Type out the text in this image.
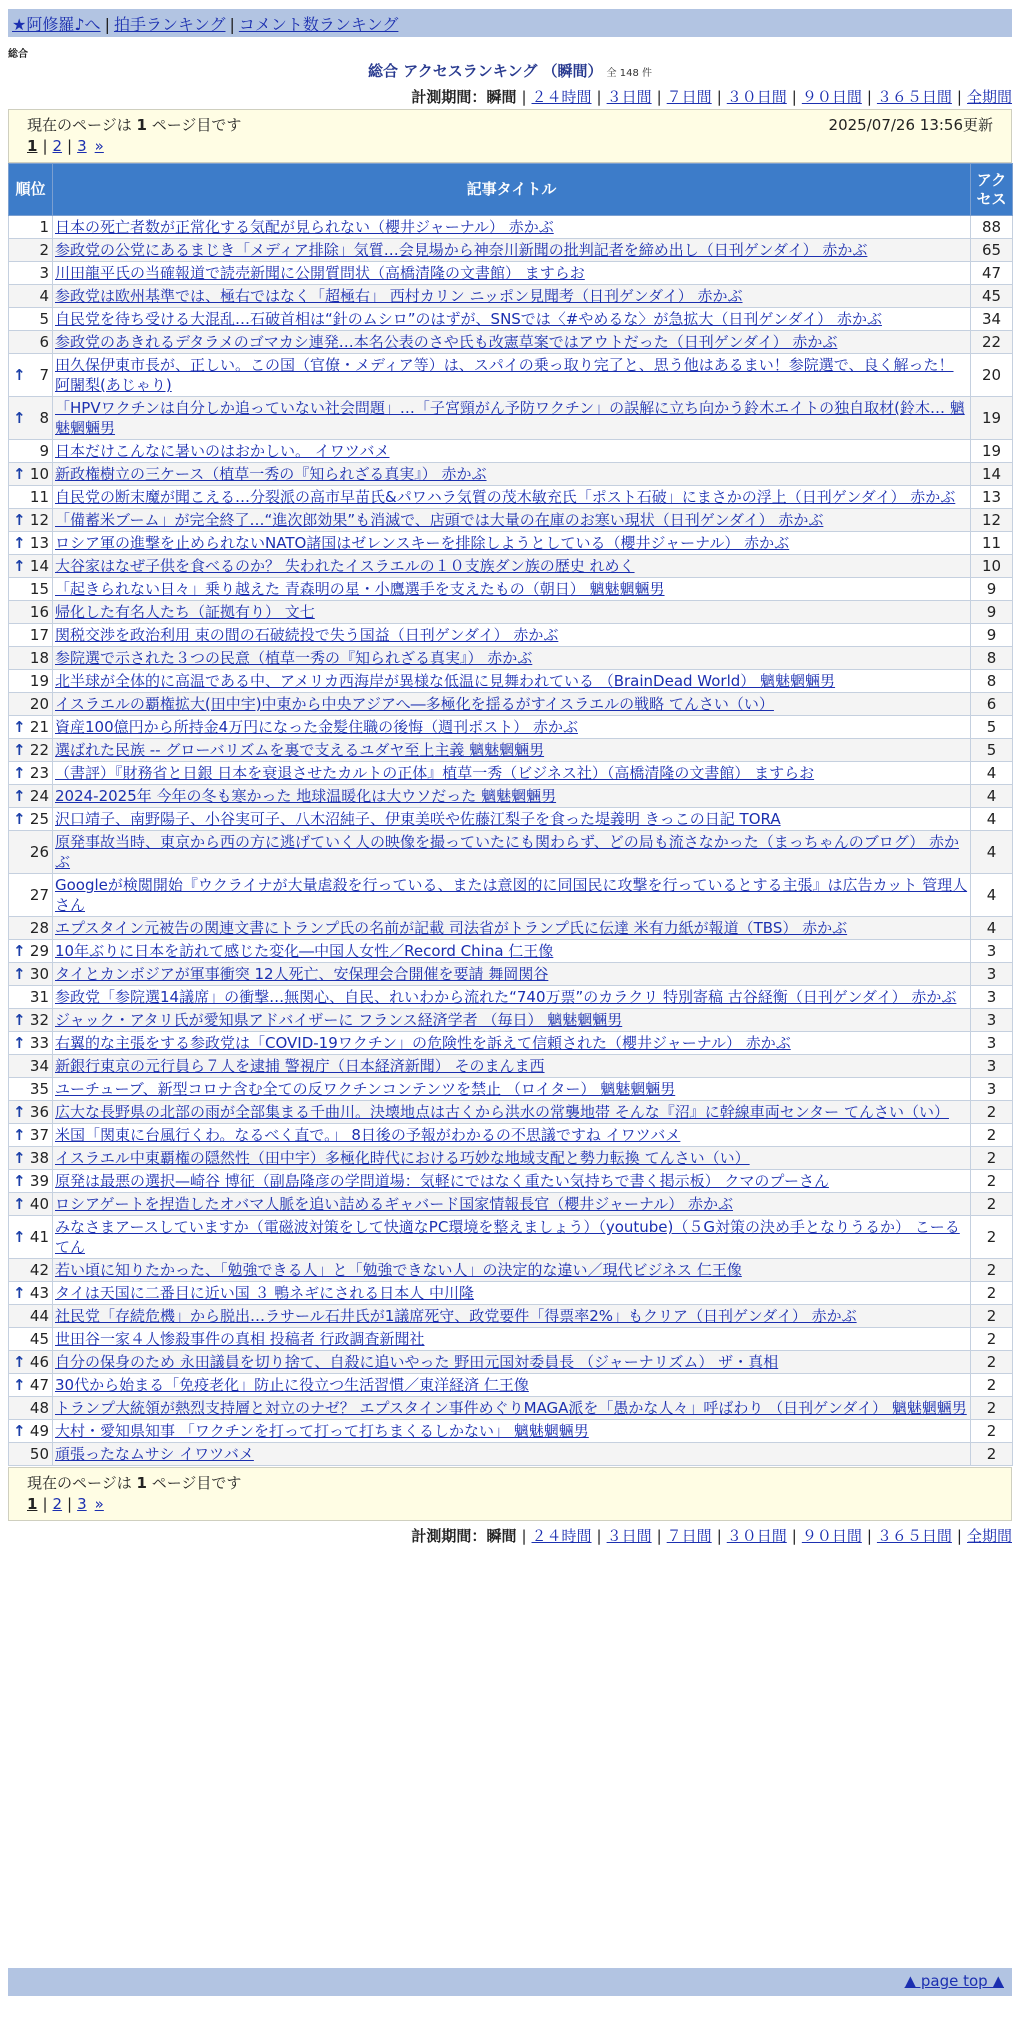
★阿修羅♪へ | 拍手ランキング | コメント数ランキング
総合
総合 アクセスランキング （瞬間） 全 148 件
計測期間：瞬間 | ２４時間 | ３日間 | ７日間 | ３０日間 | ９０日間 | ３６５日間 | 全期間
現在のページは 1 ページ目です	2025/07/26 13:56更新
1 | 2 | 3 »
順位	記事タイトル	アクセス
1	日本の死亡者数が正常化する気配が見られない（櫻井ジャーナル） 赤かぶ	88
2	参政党の公党にあるまじき「メディア排除」気質…会見場から神奈川新聞の批判記者を締め出し（日刊ゲンダイ） 赤かぶ	65
3	川田龍平氏の当確報道で読売新聞に公開質問状（高橋清隆の文書館） ますらお	47
4	参政党は欧州基準では、極右ではなく「超極右」 西村カリン ニッポン見聞考（日刊ゲンダイ） 赤かぶ	45
5	自民党を待ち受ける大混乱…石破首相は“針のムシロ”のはずが、SNSでは〈#やめるな〉が急拡大（日刊ゲンダイ） 赤かぶ	34
6	参政党のあきれるデタラメのゴマカシ連発…本名公表のさや氏も改憲草案ではアウトだった（日刊ゲンダイ） 赤かぶ	22

↑ 7	田久保伊東市長が、正しい。この国（官僚・メディア等）は、スパイの乗っ取り完了と、思う他はあるまい！参院選で、良く解った！ 阿闍梨(あじゃり)	20

↑ 8	「HPVワクチンは自分しか追っていない社会問題」…「子宮頸がん予防ワクチン」の誤解に立ち向かう鈴木エイトの独自取材(鈴木… 魑魅魍魎男	19
9	日本だけこんなに暑いのはおかしい。 イワツバメ	19

↑ 10	新政権樹立の三ケース（植草一秀の『知られざる真実』） 赤かぶ	14
11	自民党の断末魔が聞こえる…分裂派の高市早苗氏&パワハラ気質の茂木敏充氏「ポスト石破」にまさかの浮上（日刊ゲンダイ） 赤かぶ	13

↑ 12	「備蓄米ブーム」が完全終了…“進次郎効果”も消滅で、店頭では大量の在庫のお寒い現状（日刊ゲンダイ） 赤かぶ	12

↑ 13	ロシア軍の進撃を止められないNATO諸国はゼレンスキーを排除しようとしている（櫻井ジャーナル） 赤かぶ	11

↑ 14	大谷家はなぜ子供を食べるのか？ 失われたイスラエルの１０支族ダン族の歴史 れめく	10
15	「起きられない日々」乗り越えた 青森明の星・小鷹選手を支えたもの（朝日） 魑魅魍魎男	9
16	帰化した有名人たち（証拠有り） 文七	9
17	関税交渉を政治利用 束の間の石破続投で失う国益（日刊ゲンダイ） 赤かぶ	9
18	参院選で示された３つの民意（植草一秀の『知られざる真実』） 赤かぶ	8
19	北半球が全体的に高温である中、アメリカ西海岸が異様な低温に見舞われている （BrainDead World） 魑魅魍魎男	8
20	イスラエルの覇権拡大(田中宇)中東から中央アジアへ―多極化を揺るがすイスラエルの戦略 てんさい（い）	6

↑ 21	資産100億円から所持金4万円になった金髪住職の後悔（週刊ポスト） 赤かぶ	5

↑ 22	選ばれた民族 -- グローバリズムを裏で支えるユダヤ至上主義 魑魅魍魎男	5

↑ 23	（書評）『財務省と日銀 日本を衰退させたカルトの正体』植草一秀（ビジネス社）（高橋清隆の文書館） ますらお	4

↑ 24	2024-2025年 今年の冬も寒かった 地球温暖化は大ウソだった 魑魅魍魎男	4

↑ 25	沢口靖子、南野陽子、小谷実可子、八木沼純子、伊東美咲や佐藤江梨子を食った堤義明 きっこの日記 TORA	4
26	原発事故当時、東京から西の方に逃げていく人の映像を撮っていたにも関わらず、どの局も流さなかった（まっちゃんのブログ） 赤かぶ	4
27	Googleが検閲開始『ウクライナが大量虐殺を行っている、または意図的に同国民に攻撃を行っているとする主張』は広告カット 管理人さん	4
28	エプスタイン元被告の関連文書にトランプ氏の名前が記載 司法省がトランプ氏に伝達 米有力紙が報道（TBS） 赤かぶ	4

↑ 29	10年ぶりに日本を訪れて感じた変化―中国人女性／Record China 仁王像	3

↑ 30	タイとカンボジアが軍事衝突 12人死亡、安保理会合開催を要請 舞岡関谷	3
31	参政党「参院選14議席」の衝撃…無関心、自民、れいわから流れた“740万票”のカラクリ 特別寄稿 古谷経衡（日刊ゲンダイ） 赤かぶ	3

↑ 32	ジャック・アタリ氏が愛知県アドバイザーに フランス経済学者 （毎日） 魑魅魍魎男	3

↑ 33	右翼的な主張をする参政党は「COVID-19ワクチン」の危険性を訴えて信頼された（櫻井ジャーナル） 赤かぶ	3
34	新銀行東京の元行員ら７人を逮捕 警視庁（日本経済新聞） そのまんま西	3
35	ユーチューブ、新型コロナ含む全ての反ワクチンコンテンツを禁止 （ロイター） 魑魅魍魎男	3

↑ 36	広大な長野県の北部の雨が全部集まる千曲川。決壊地点は古くから洪水の常襲地帯 そんな『沼』に幹線車両センター てんさい（い）	2

↑ 37	米国「関東に台風行くわ。なるべく直で。」 8日後の予報がわかるの不思議ですね イワツバメ	2

↑ 38	イスラエル中東覇権の隠然性（田中宇）多極化時代における巧妙な地域支配と勢力転換 てんさい（い）	2

↑ 39	原発は最悪の選択—崎谷 博征（副島隆彦の学問道場：気軽にではなく重たい気持ちで書く掲示板） クマのプーさん	2

↑ 40	ロシアゲートを捏造したオバマ人脈を追い詰めるギャバード国家情報長官（櫻井ジャーナル） 赤かぶ	2

↑ 41	みなさまアースしていますか（電磁波対策をして快適なPC環境を整えましょう）（youtube)（５G対策の決め手となりうるか） こーるてん	2
42	若い頃に知りたかった、「勉強できる人」と「勉強できない人」の決定的な違い／現代ビジネス 仁王像	2

↑ 43	タイは天国に二番目に近い国 ３ 鴨ネギにされる日本人 中川隆	2
44	社民党「存続危機」から脱出…ラサール石井氏が1議席死守、政党要件「得票率2%」もクリア（日刊ゲンダイ） 赤かぶ	2
45	世田谷一家４人惨殺事件の真相 投稿者 行政調査新聞社	2

↑ 46	自分の保身のため 永田議員を切り捨て、自殺に追いやった 野田元国対委員長 （ジャーナリズム） ザ・真相	2

↑ 47	30代から始まる「免疫老化」防止に役立つ生活習慣／東洋経済 仁王像	2
48	トランプ大統領が熱烈支持層と対立のナゼ？ エプスタイン事件めぐりMAGA派を「愚かな人々」呼ばわり （日刊ゲンダイ） 魑魅魍魎男	2

↑ 49	大村・愛知県知事 「ワクチンを打って打って打ちまくるしかない」 魑魅魍魎男	2
50	頑張ったなムサシ イワツバメ	2
現在のページは 1 ページ目です
1 | 2 | 3 »
計測期間：瞬間 | ２４時間 | ３日間 | ７日間 | ３０日間 | ９０日間 | ３６５日間 | 全期間
▲ page top ▲
